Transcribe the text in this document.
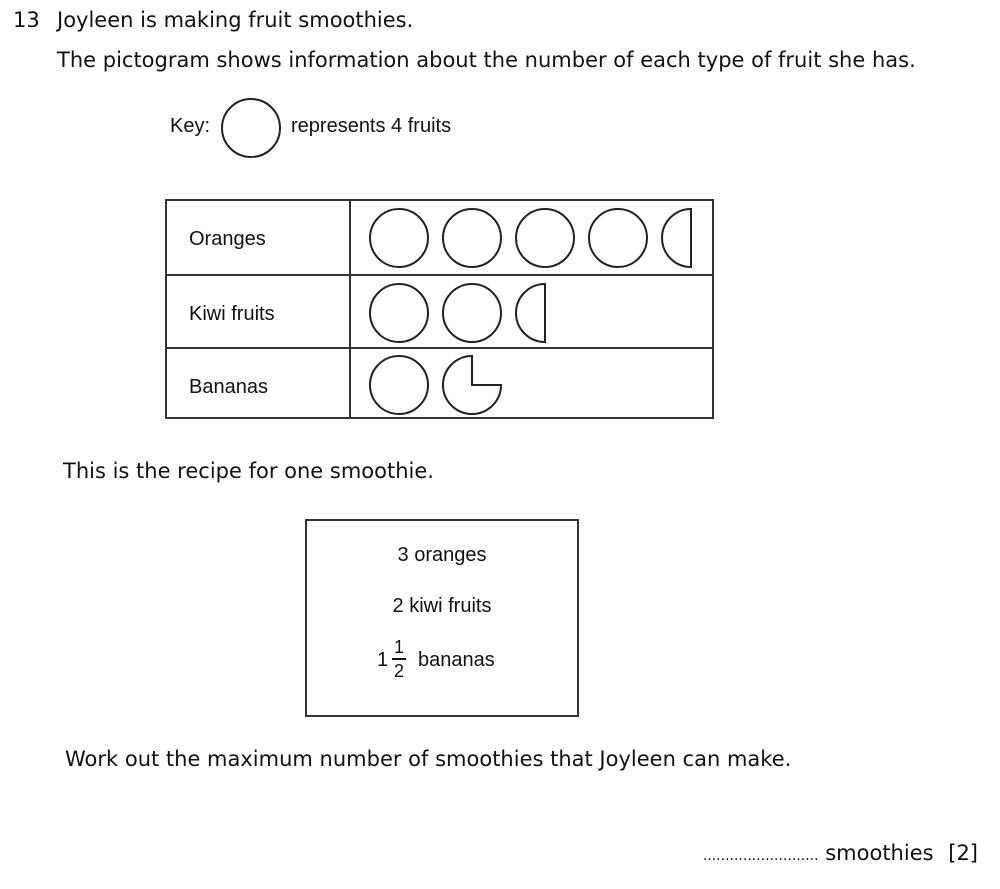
13 Joyleen is making fruit smoothies.
The pictogram shows information about the number of each type of fruit she has.
Key:	represents 4 fruits
Oranges
Kiwi fruits
Bananas
This is the recipe for one smoothie.
3 oranges
2 kiwi fruits
1
1
2 bananas
Work out the maximum number of smoothies that Joyleen can make.
.......................... smoothies [2]
